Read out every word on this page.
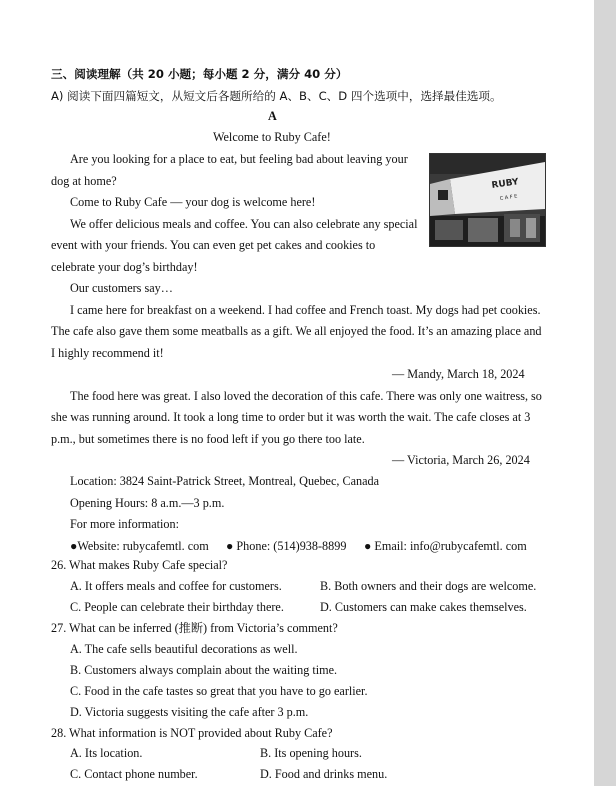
三、阅读理解（共 20 小题；每小题 2 分，满分 40 分）
A) 阅读下面四篇短文，从短文后各题所给的 A、B、C、D 四个选项中，选择最佳选项。
A
Welcome to Ruby Cafe!
Are you looking for a place to eat, but feeling bad about leaving your
dog at home?
Come to Ruby Cafe — your dog is welcome here!
We offer delicious meals and coffee. You can also celebrate any special
event with your friends. You can even get pet cakes and cookies to
celebrate your dog’s birthday!
Our customers say…
RUBY
C A F E
I came here for breakfast on a weekend. I had coffee and French toast. My dogs had pet cookies.
The cafe also gave them some meatballs as a gift. We all enjoyed the food. It’s an amazing place and
I highly recommend it!
— Mandy, March 18, 2024
The food here was great. I also loved the decoration of this cafe. There was only one waitress, so
she was running around. It took a long time to order but it was worth the wait. The cafe closes at 3
p.m., but sometimes there is no food left if you go there too late.
— Victoria, March 26, 2024
Location: 3824 Saint-Patrick Street, Montreal, Quebec, Canada
Opening Hours: 8 a.m.—3 p.m.
For more information:
●Website: rubycafemtl. com ● Phone: (514)938-8899 ● Email: info@rubycafemtl. com
26. What makes Ruby Cafe special?
A. It offers meals and coffee for customers.	B. Both owners and their dogs are welcome.
C. People can celebrate their birthday there.	D. Customers can make cakes themselves.
27. What can be inferred (推断) from Victoria’s comment?
A. The cafe sells beautiful decorations as well.
B. Customers always complain about the waiting time.
C. Food in the cafe tastes so great that you have to go earlier.
D. Victoria suggests visiting the cafe after 3 p.m.
28. What information is NOT provided about Ruby Cafe?
A. Its location.	B. Its opening hours.
C. Contact phone number.	D. Food and drinks menu.
